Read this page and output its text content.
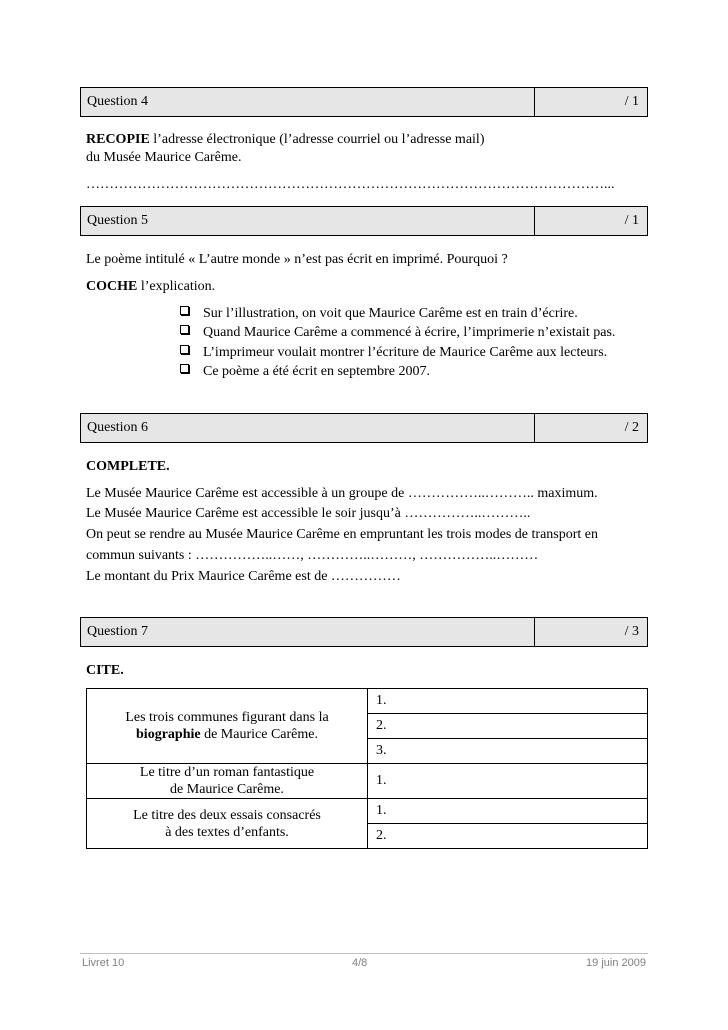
Question 4	/ 1
RECOPIE l’adresse électronique (l’adresse courriel ou l’adresse mail)
du Musée Maurice Carême.
…………………………………………………………………………………………………...
Question 5	/ 1
Le poème intitulé « L’autre monde » n’est pas écrit en imprimé. Pourquoi ?
COCHE l’explication.
Sur l’illustration, on voit que Maurice Carême est en train d’écrire.
Quand Maurice Carême a commencé à écrire, l’imprimerie n’existait pas.
L’imprimeur voulait montrer l’écriture de Maurice Carême aux lecteurs.
Ce poème a été écrit en septembre 2007.
Question 6	/ 2
COMPLETE.
Le Musée Maurice Carême est accessible à un groupe de ……………..……….. maximum.
Le Musée Maurice Carême est accessible le soir jusqu’à ……………..………..
On peut se rendre au Musée Maurice Carême en empruntant les trois modes de transport en
commun suivants : ……………..……, …………..………, ……………..………
Le montant du Prix Maurice Carême est de ……………
Question 7	/ 3
CITE.
Les trois communes figurant dans la
biographie de Maurice Carême.	1.
	2.
	3.
Le titre d’un roman fantastique
de Maurice Carême.	1.
Le titre des deux essais consacrés
à des textes d’enfants.	1.
	2.
Livret 10	4/8	19 juin 2009
